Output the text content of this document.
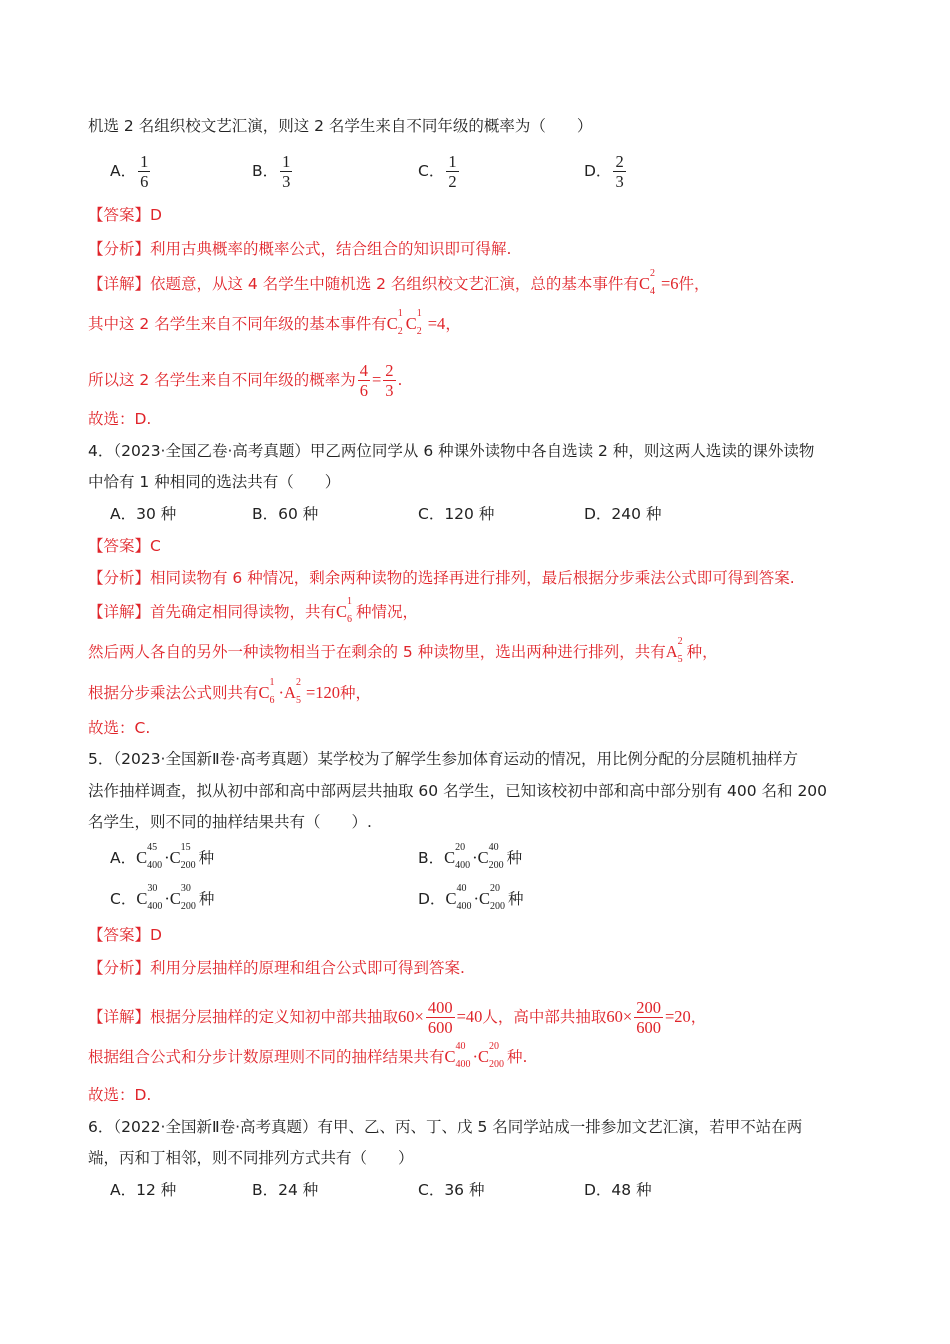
机选 2 名组织校文艺汇演，则这 2 名学生来自不同年级的概率为（　　）
A． $\frac{1}{6}$	B． $\frac{1}{3}$	C． $\frac{1}{2}$	D． $\frac{2}{3}$
【答案】D
【分析】利用古典概率的概率公式，结合组合的知识即可得解.
【详解】依题意，从这 4 名学生中随机选 2 名组织校文艺汇演，总的基本事件有C
2
4 =6件，
其中这 2 名学生来自不同年级的基本事件有C
1
2 C
1
2 =4，
所以这 2 名学生来自不同年级的概率为 $\frac{4}{6} = \frac{2}{3}$ .
故选：D.
4．（2023·全国乙卷·高考真题）甲乙两位同学从 6 种课外读物中各自选读 2 种，则这两人选读的课外读物
中恰有 1 种相同的选法共有（　　）
A．30 种	B．60 种	C．120 种	D．240 种
【答案】C
【分析】相同读物有 6 种情况，剩余两种读物的选择再进行排列，最后根据分步乘法公式即可得到答案.
【详解】首先确定相同得读物，共有C
1
6 种情况，
然后两人各自的另外一种读物相当于在剩余的 5 种读物里，选出两种进行排列，共有A
2
5 种，
根据分步乘法公式则共有C
1
6 ·A
2
5 =120种，
故选：C.
5．（2023·全国新Ⅱ卷·高考真题）某学校为了解学生参加体育运动的情况，用比例分配的分层随机抽样方
法作抽样调查，拟从初中部和高中部两层共抽取 60 名学生，已知该校初中部和高中部分别有 400 名和 200
名学生，则不同的抽样结果共有（　　）.
A．C
45
400 ·C
15
200 种	B．C
20
400 ·C
40
200 种
C．C
30
400 ·C
30
200 种	D．C
40
400 ·C
20
200 种
【答案】D
【分析】利用分层抽样的原理和组合公式即可得到答案.
【详解】根据分层抽样的定义知初中部共抽取$60\times \frac{400}{600} =40$人，高中部共抽取$60\times \frac{200}{600} =20$，
根据组合公式和分步计数原理则不同的抽样结果共有C
40
400 ·C
20
200 种.
故选：D.
6．（2022·全国新Ⅱ卷·高考真题）有甲、乙、丙、丁、戊 5 名同学站成一排参加文艺汇演，若甲不站在两
端，丙和丁相邻，则不同排列方式共有（　　）
A．12 种	B．24 种	C．36 种	D．48 种
